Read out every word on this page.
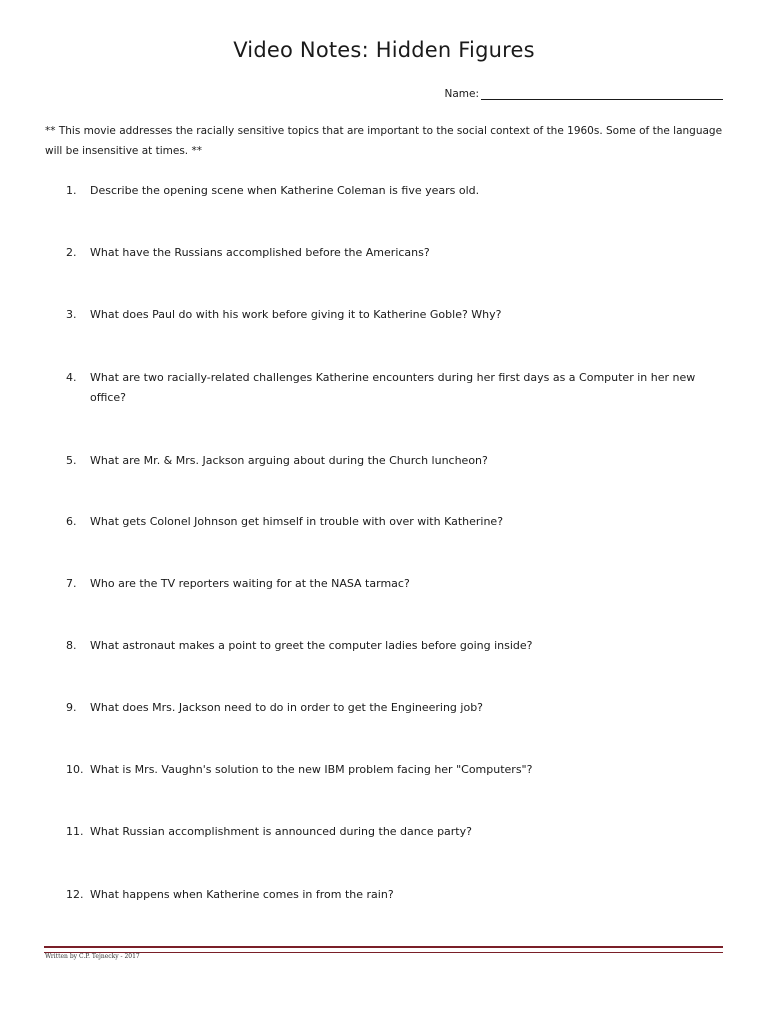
Video Notes: Hidden Figures
Name:
** This movie addresses the racially sensitive topics that are important to the social context of the 1960s. Some of the language will be insensitive at times. **
1.	Describe the opening scene when Katherine Coleman is five years old.
2.	What have the Russians accomplished before the Americans?
3.	What does Paul do with his work before giving it to Katherine Goble? Why?
4.	What are two racially-related challenges Katherine encounters during her first days as a Computer in her new office?
5.	What are Mr. & Mrs. Jackson arguing about during the Church luncheon?
6.	What gets Colonel Johnson get himself in trouble with over with Katherine?
7.	Who are the TV reporters waiting for at the NASA tarmac?
8.	What astronaut makes a point to greet the computer ladies before going inside?
9.	What does Mrs. Jackson need to do in order to get the Engineering job?
10. What is Mrs. Vaughn's solution to the new IBM problem facing her "Computers"?
11. What Russian accomplishment is announced during the dance party?
12. What happens when Katherine comes in from the rain?
Written by C.P. Tejnecky - 2017
